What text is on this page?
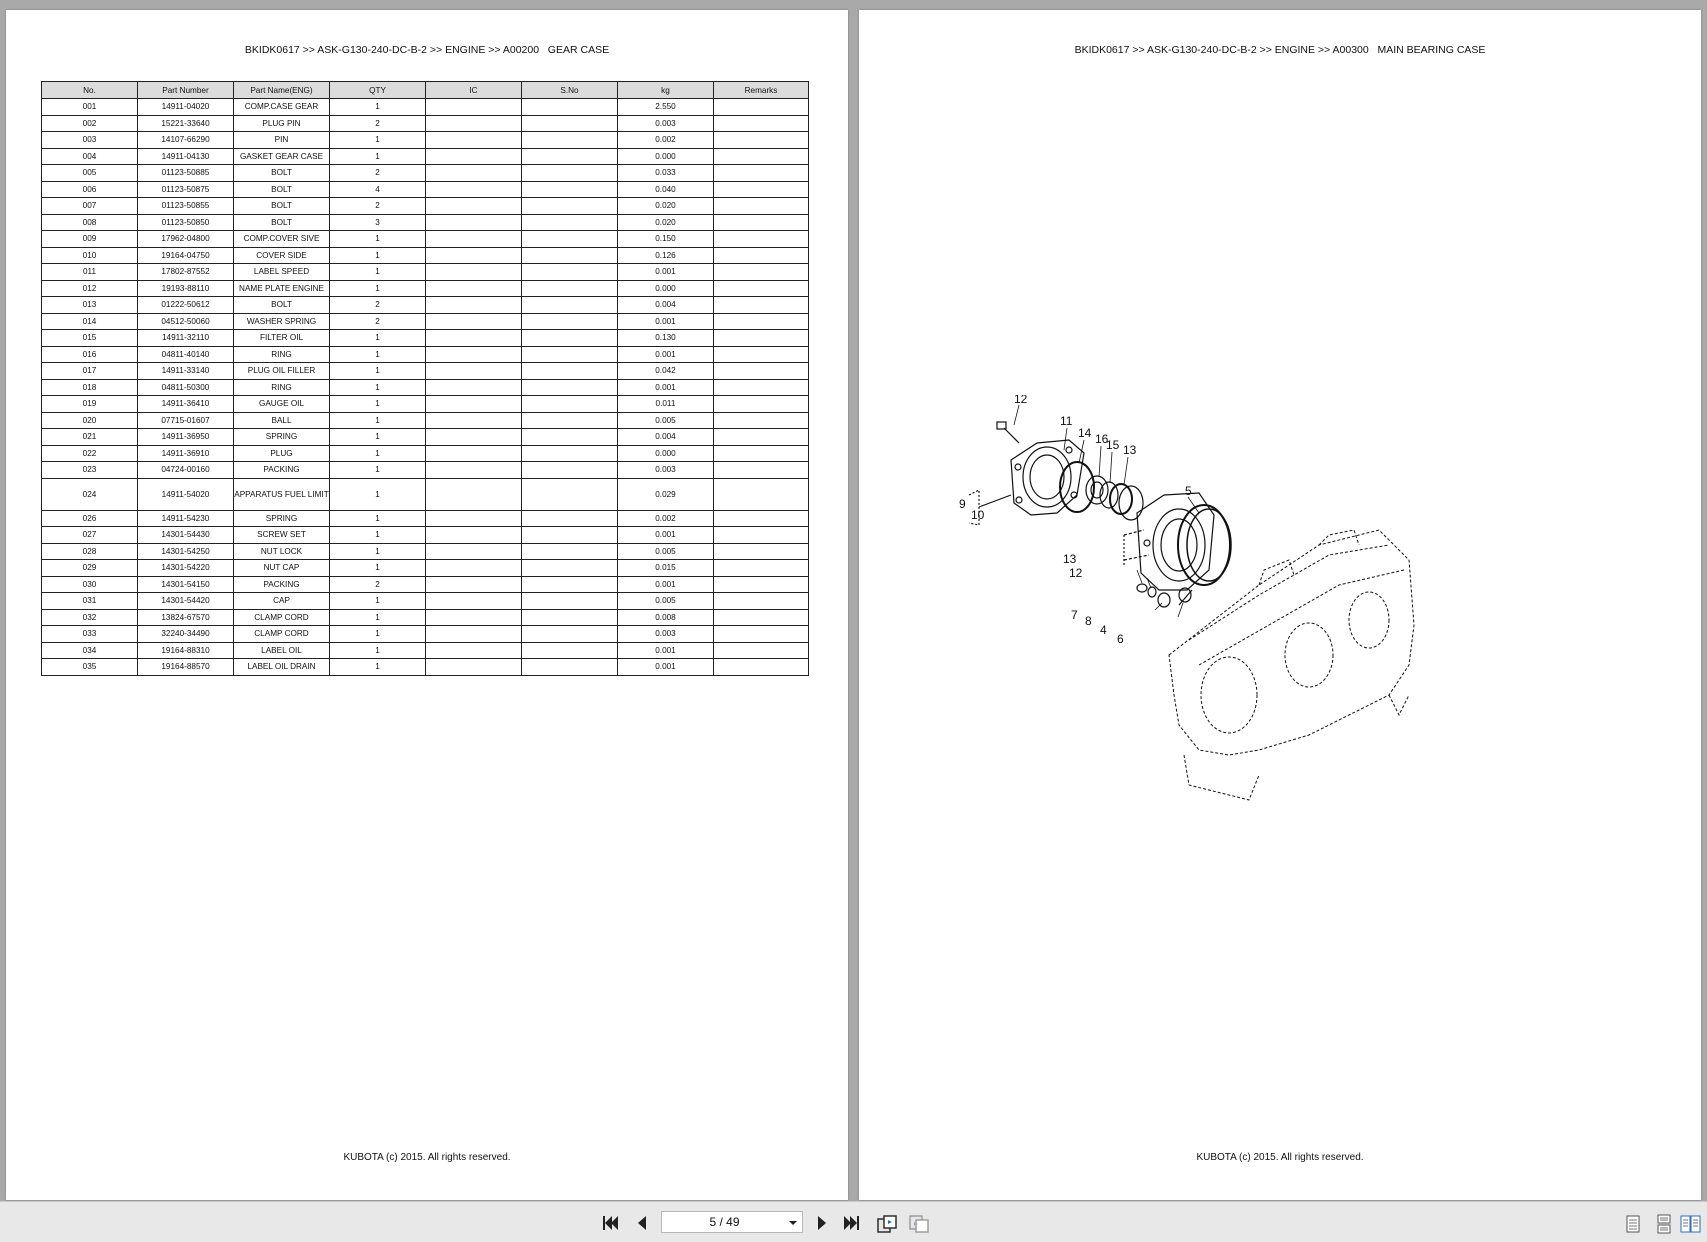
BKIDK0617 >> ASK-G130-240-DC-B-2 >> ENGINE >> A00200   GEAR CASE
No.	Part Number	Part Name(ENG)	QTY	IC	S.No	kg	Remarks
001	14911-04020	COMP.CASE GEAR	1			2.550	
002	15221-33640	PLUG PIN	2			0.003	
003	14107-66290	PIN	1			0.002	
004	14911-04130	GASKET GEAR CASE	1			0.000	
005	01123-50885	BOLT	2			0.033	
006	01123-50875	BOLT	4			0.040	
007	01123-50855	BOLT	2			0.020	
008	01123-50850	BOLT	3			0.020	
009	17962-04800	COMP.COVER SIVE	1			0.150	
010	19164-04750	COVER SIDE	1			0.126	
011	17802-87552	LABEL SPEED	1			0.001	
012	19193-88110	NAME PLATE ENGINE	1			0.000	
013	01222-50612	BOLT	2			0.004	
014	04512-50060	WASHER SPRING	2			0.001	
015	14911-32110	FILTER OIL	1			0.130	
016	04811-40140	RING	1			0.001	
017	14911-33140	PLUG OIL FILLER	1			0.042	
018	04811-50300	RING	1			0.001	
019	14911-36410	GAUGE OIL	1			0.011	
020	07715-01607	BALL	1			0.005	
021	14911-36950	SPRING	1			0.004	
022	14911-36910	PLUG	1			0.000	
023	04724-00160	PACKING	1			0.003	
024	14911-54020	APPARATUS FUEL LIMIT	1			0.029	
026	14911-54230	SPRING	1			0.002	
027	14301-54430	SCREW SET	1			0.001	
028	14301-54250	NUT LOCK	1			0.005	
029	14301-54220	NUT CAP	1			0.015	
030	14301-54150	PACKING	2			0.001	
031	14301-54420	CAP	1			0.005	
032	13824-67570	CLAMP CORD	1			0.008	
033	32240-34490	CLAMP CORD	1			0.003	
034	19164-88310	LABEL OIL	1			0.001	
035	19164-88570	LABEL OIL DRAIN	1			0.001	
KUBOTA (c) 2015. All rights reserved.
BKIDK0617 >> ASK-G130-240-DC-B-2 >> ENGINE >> A00300   MAIN BEARING CASE
12
11
14 16
15 13
9
10
5
13
12
7 8
4
6
KUBOTA (c) 2015. All rights reserved.
5 / 49
